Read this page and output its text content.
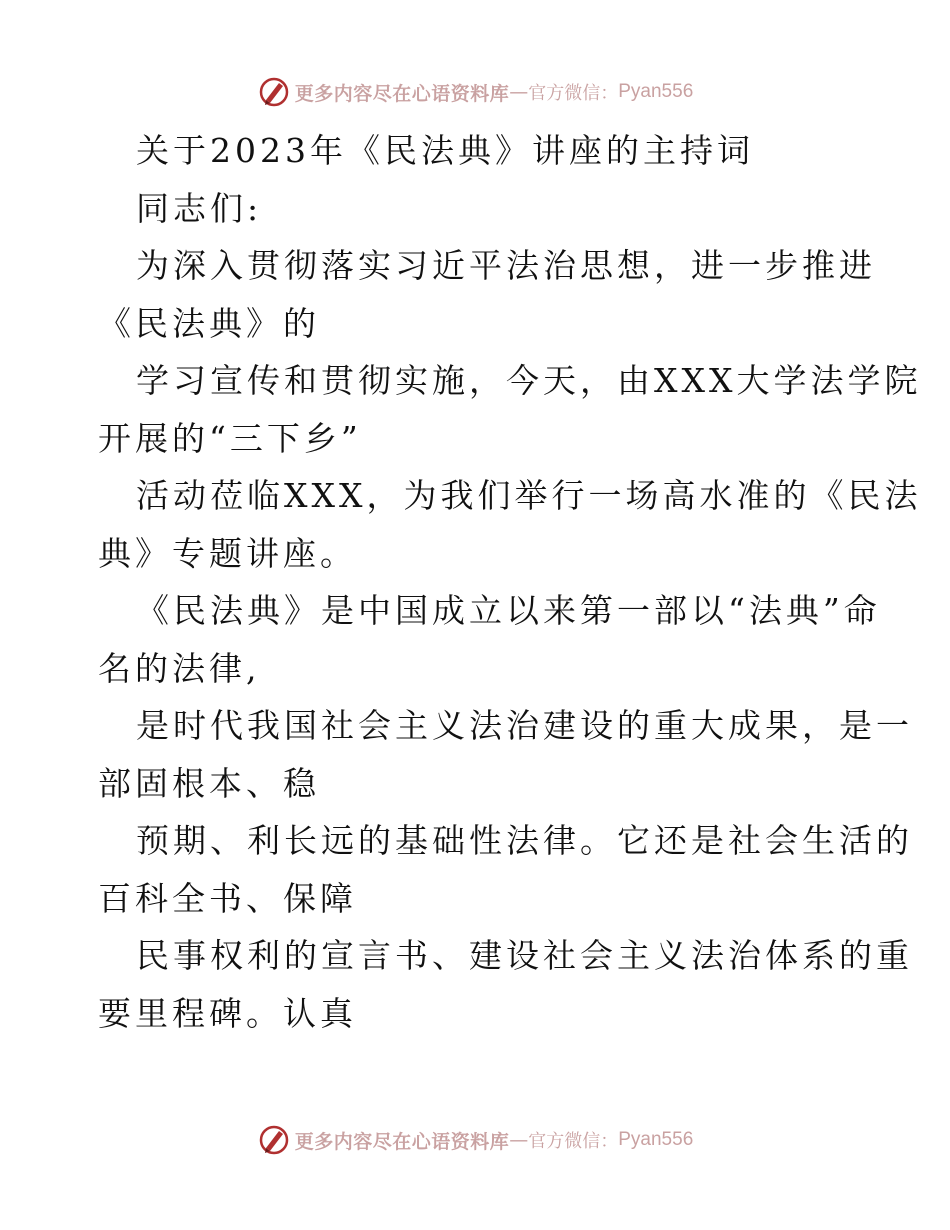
更多内容尽在心语资料库 — 官方微信： Pyan556
关于2023年《民法典》讲座的主持词
同志们:
为深入贯彻落实习近平法治思想，进一步推进
《民法典》的
学习宣传和贯彻实施，今天，由XXX大学法学院
开展的“三下乡”
活动莅临XXX，为我们举行一场高水准的《民法
典》专题讲座。
《民法典》是中国成立以来第一部以“法典”命
名的法律,
是时代我国社会主义法治建设的重大成果，是一
部固根本、稳
预期、利长远的基础性法律。它还是社会生活的
百科全书、保障
民事权利的宣言书、建设社会主义法治体系的重
要里程碑。认真
更多内容尽在心语资料库 — 官方微信： Pyan556
